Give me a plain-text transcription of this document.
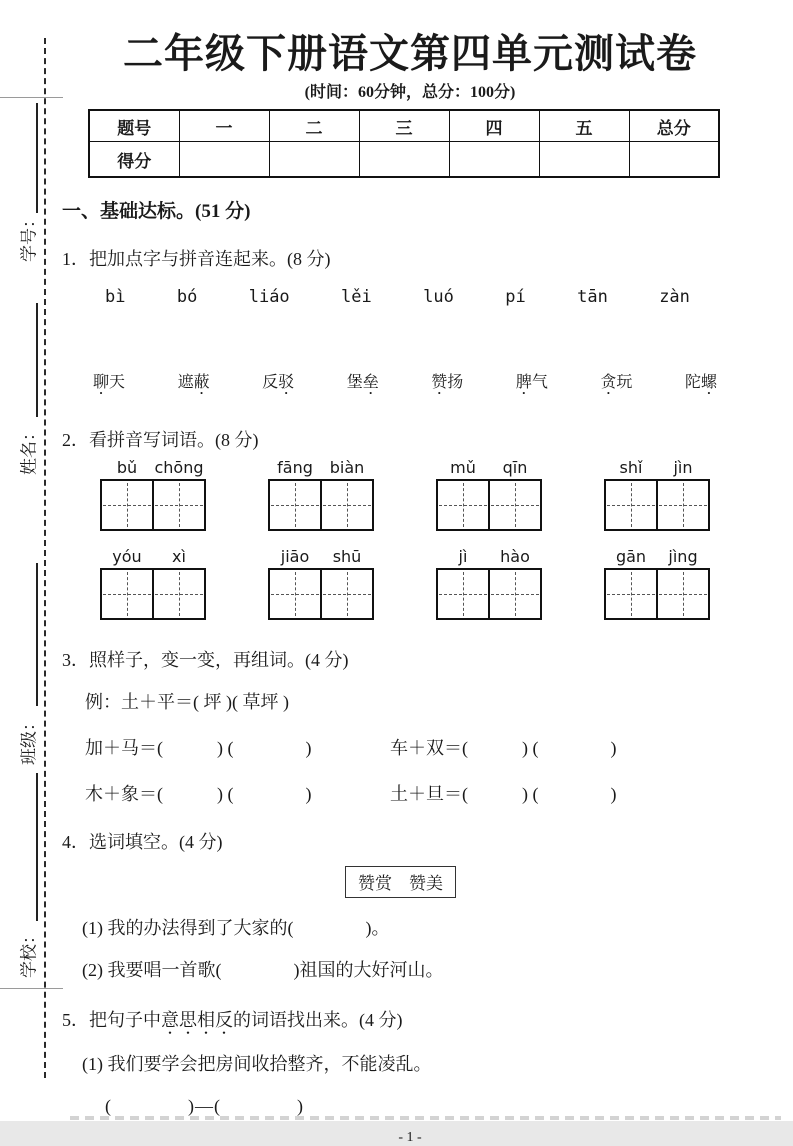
学号：
姓名：
班级：
学校：
二年级下册语文第四单元测试卷
(时间：60分钟，总分：100分)
题号	一	二	三	四	五	总分
得分						
一、基础达标。(51 分)
1．把加点字与拼音连起来。(8 分)
bì	bó	liáo	lěi	luó	pí	tān	zàn
聊天	遮蔽	反驳	堡垒	赞扬	脾气	贪玩	陀螺
2．看拼音写词语。(8 分)
bǔ	chōng	fāng	biàn	mǔ	qīn	shǐ	jìn
yóu	xì	jiāo	shū	jì	hào	gān	jìng
3．照样子，变一变，再组词。(4 分)
例：土＋平＝( 坪 )( 草坪 )
加＋马＝(　　　) (　　　　)	车＋双＝(　　　) (　　　　)
木＋象＝(　　　) (　　　　)	土＋旦＝(　　　) (　　　　)
4．选词填空。(4 分)
赞赏　赞美
(1) 我的办法得到了大家的(　　　　)。
(2) 我要唱一首歌(　　　　)祖国的大好河山。
5．把句子中意思相反的词语找出来。(4 分)
(1) 我们要学会把房间收拾整齐，不能凌乱。
(　　　　)—(　　　　)
- 1 -
